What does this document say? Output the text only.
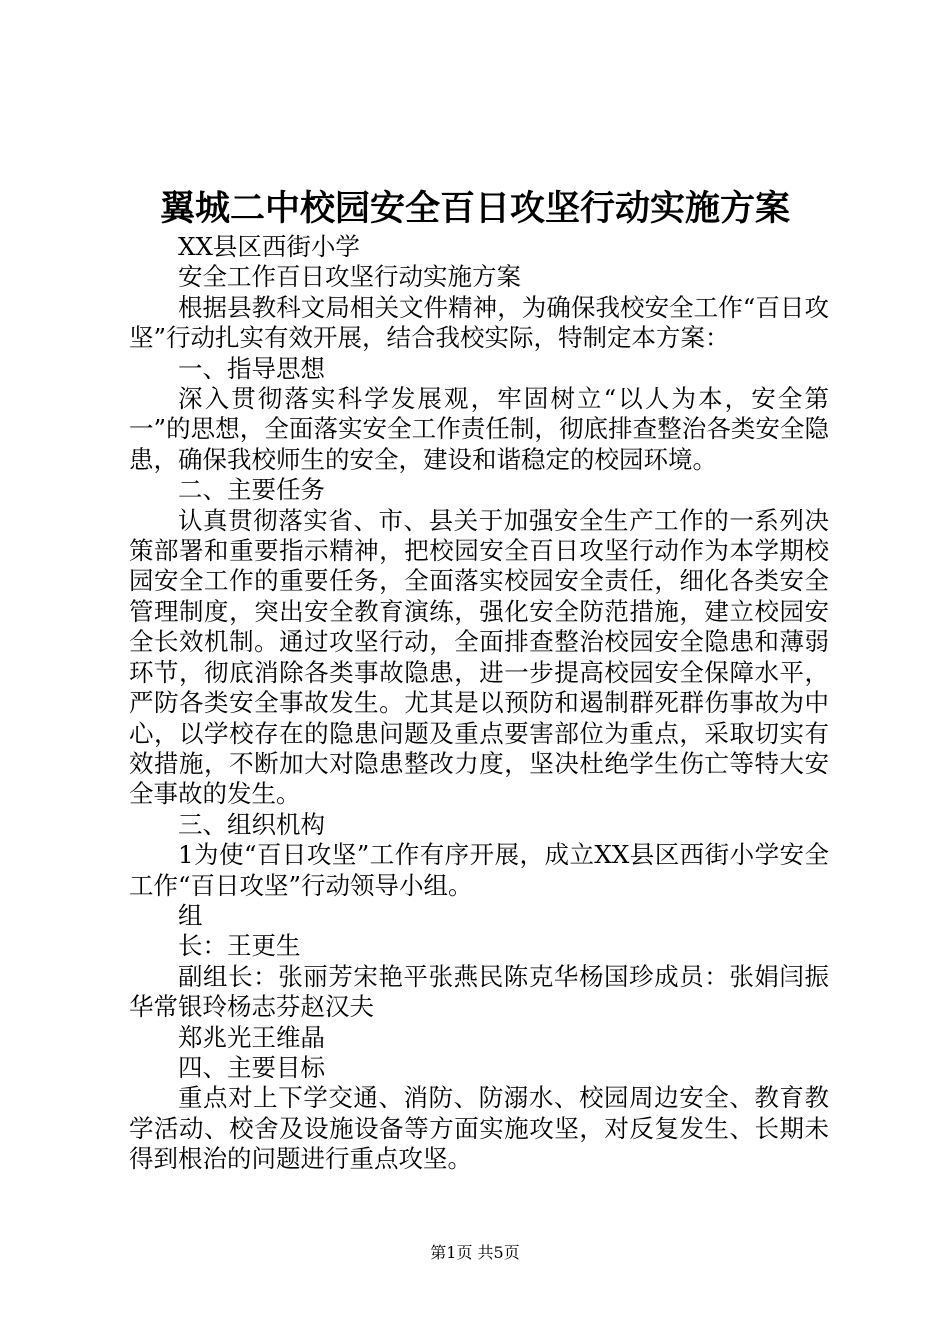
翼城二中校园安全百日攻坚行动实施方案

XX县区西街小学

安全工作百日攻坚行动实施方案

根据县教科文局相关文件精神，为确保我校安全工作“百日攻坚”行动扎实有效开展，结合我校实际，特制定本方案：

一、指导思想

深入贯彻落实科学发展观，牢固树立“以人为本，安全第一”的思想，全面落实安全工作责任制，彻底排查整治各类安全隐患，确保我校师生的安全，建设和谐稳定的校园环境。

二、主要任务

认真贯彻落实省、市、县关于加强安全生产工作的一系列决策部署和重要指示精神，把校园安全百日攻坚行动作为本学期校园安全工作的重要任务，全面落实校园安全责任，细化各类安全管理制度，突出安全教育演练，强化安全防范措施，建立校园安全长效机制。通过攻坚行动，全面排查整治校园安全隐患和薄弱环节，彻底消除各类事故隐患，进一步提高校园安全保障水平，严防各类安全事故发生。尤其是以预防和遏制群死群伤事故为中心，以学校存在的隐患问题及重点要害部位为重点，采取切实有效措施，不断加大对隐患整改力度，坚决杜绝学生伤亡等特大安全事故的发生。

三、组织机构

1为使“百日攻坚”工作有序开展，成立XX县区西街小学安全工作“百日攻坚”行动领导小组。

组

长：王更生

副组长：张丽芳宋艳平张燕民陈克华杨国珍成员：张娟闫振华常银玲杨志芬赵汉夫

郑兆光王维晶

四、主要目标

重点对上下学交通、消防、防溺水、校园周边安全、教育教学活动、校舍及设施设备等方面实施攻坚，对反复发生、长期未得到根治的问题进行重点攻坚。

第1页 共5页
